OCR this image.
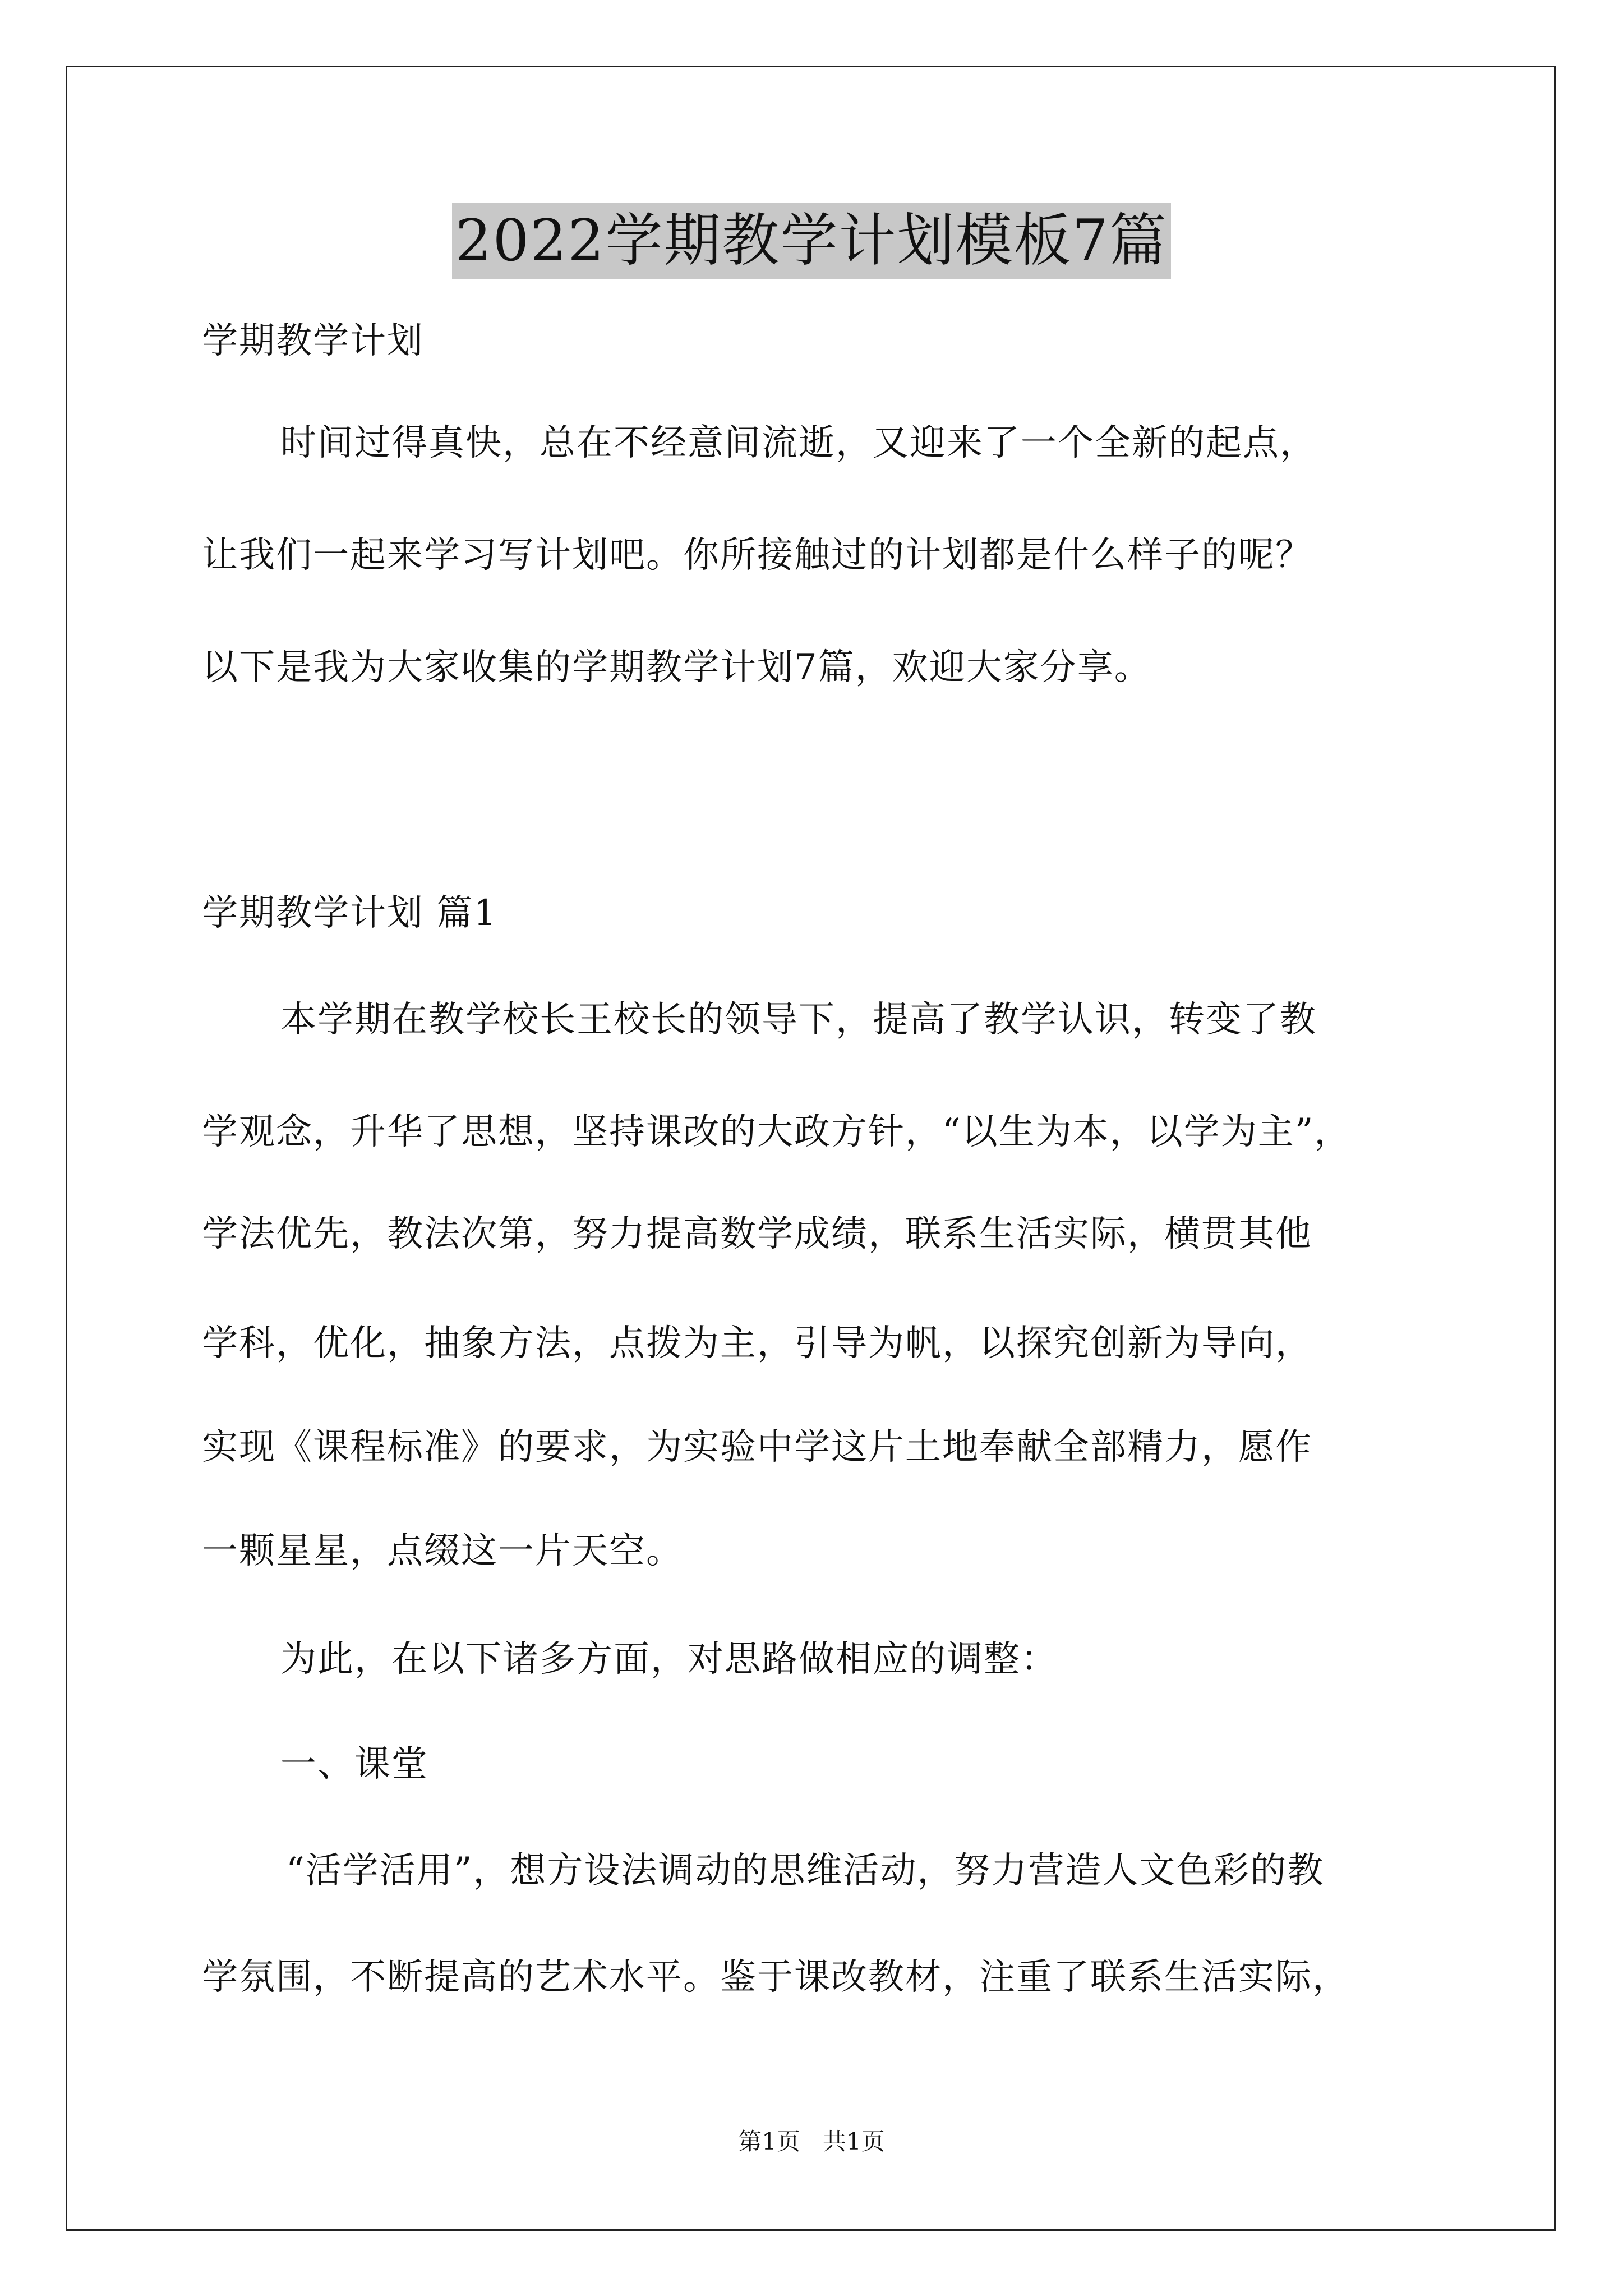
2022学期教学计划模板7篇
学期教学计划
时间过得真快，总在不经意间流逝，又迎来了一个全新的起点，
让我们一起来学习写计划吧。你所接触过的计划都是什么样子的呢？
以下是我为大家收集的学期教学计划7篇，欢迎大家分享。
学期教学计划 篇1
本学期在教学校长王校长的领导下，提高了教学认识，转变了教
学观念，升华了思想，坚持课改的大政方针，“以生为本，以学为主”，
学法优先，教法次第，努力提高数学成绩，联系生活实际，横贯其他
学科，优化，抽象方法，点拨为主，引导为帆，以探究创新为导向，
实现《课程标准》的要求，为实验中学这片土地奉献全部精力，愿作
一颗星星，点缀这一片天空。
为此，在以下诸多方面，对思路做相应的调整：
一、课堂
“活学活用”，想方设法调动的思维活动，努力营造人文色彩的教
学氛围，不断提高的艺术水平。鉴于课改教材，注重了联系生活实际，
第1页   共1页
